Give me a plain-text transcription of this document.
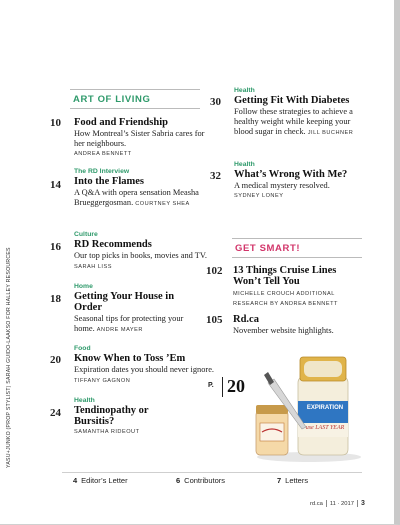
YASU+JUNKO (PROP STYLIST) SARAH GUIDO-LAAKSO FOR HALLEY RESOURCES
ART OF LIVING
10 Food and Friendship
How Montreal’s Sister Sabria cares for her neighbours.
ANDREA BENNETT
14
The RD Interview
Into the Flames
A Q&A with opera sensation Measha Brueggergosman. COURTNEY SHEA
16
Culture
RD Recommends
Our top picks in books, movies and TV. SARAH LISS
18
Home
Getting Your House in Order
Seasonal tips for protecting your home. ANDRE MAYER
20
Food
Know When to Toss ’Em
Expiration dates you should never ignore. TIFFANY GAGNON
24
Health
Tendinopathy or Bursitis?
SAMANTHA RIDEOUT
30
Health
Getting Fit With Diabetes
Follow these strategies to achieve a healthy weight while keeping your blood sugar in check. JILL BUCHNER
32
Health
What’s Wrong With Me?
A medical mystery resolved.
SYDNEY LONEY
GET SMART!
102 13 Things Cruise Lines Won’t Tell You
MICHELLE CROUCH ADDITIONAL RESEARCH BY ANDREA BENNETT
105 Rd.ca
November website highlights.
P. 20
EXPIRATION
use LAST YEAR
4 Editor’s Letter	6 Contributors	7 Letters
rd.ca 11 · 2017 3
